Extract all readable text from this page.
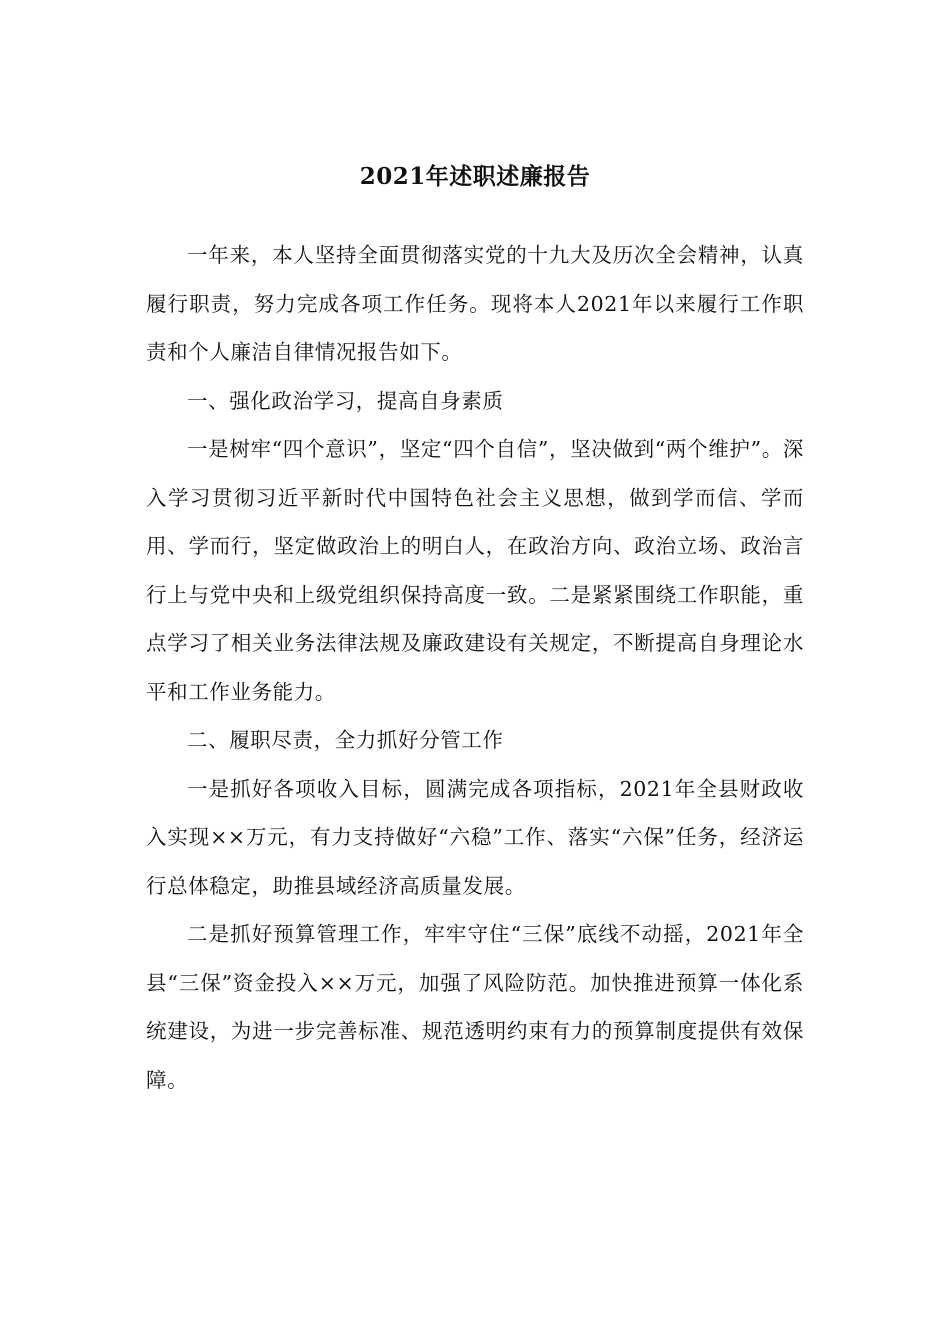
2021年述职述廉报告

一年来，本人坚持全面贯彻落实党的十九大及历次全会精神，认真履行职责，努力完成各项工作任务。现将本人2021年以来履行工作职责和个人廉洁自律情况报告如下。

一、强化政治学习，提高自身素质

一是树牢“四个意识”，坚定“四个自信”，坚决做到“两个维护”。深入学习贯彻习近平新时代中国特色社会主义思想，做到学而信、学而用、学而行，坚定做政治上的明白人，在政治方向、政治立场、政治言行上与党中央和上级党组织保持高度一致。二是紧紧围绕工作职能，重点学习了相关业务法律法规及廉政建设有关规定，不断提高自身理论水平和工作业务能力。

二、履职尽责，全力抓好分管工作

一是抓好各项收入目标，圆满完成各项指标，2021年全县财政收入实现××万元，有力支持做好“六稳”工作、落实“六保”任务，经济运行总体稳定，助推县域经济高质量发展。

二是抓好预算管理工作，牢牢守住“三保”底线不动摇，2021年全县“三保”资金投入××万元，加强了风险防范。加快推进预算一体化系统建设，为进一步完善标准、规范透明约束有力的预算制度提供有效保障。
